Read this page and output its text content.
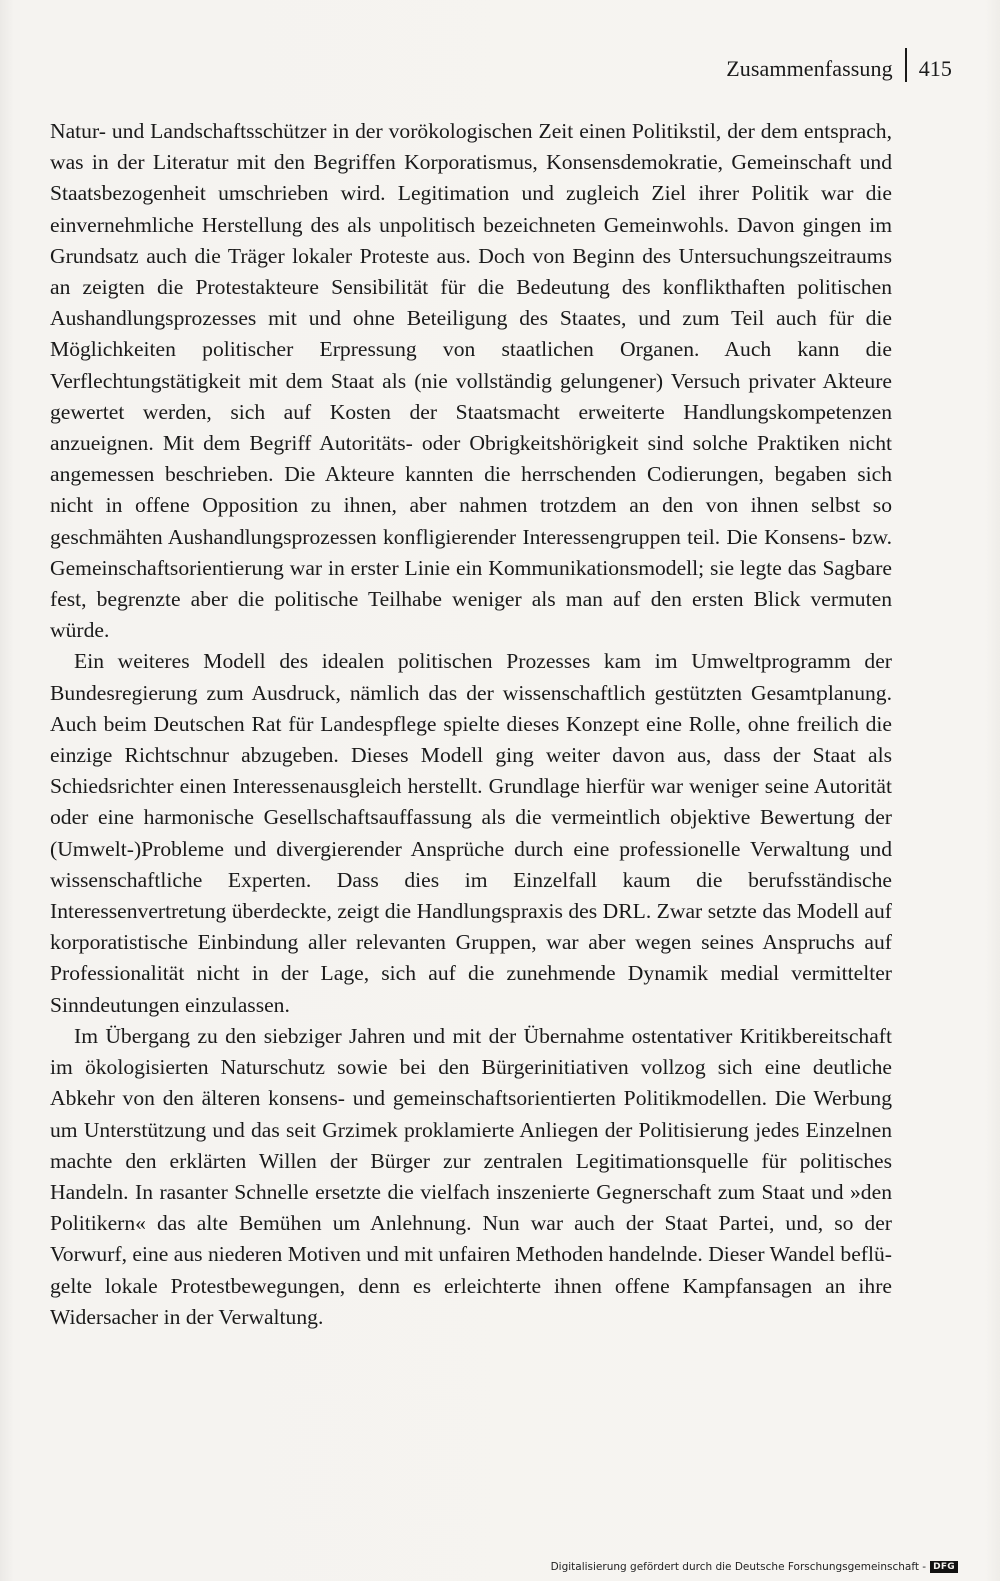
Zusammenfassung	415

Natur- und Landschaftsschützer in der vorökologischen Zeit einen Politikstil, der dem entsprach, was in der Literatur mit den Begriffen Korporatismus, Konsensdemokratie, Gemeinschaft und Staatsbezogenheit umschrieben wird. Legitimation und zugleich Ziel ihrer Politik war die einvernehmliche Herstellung des als unpolitisch bezeichneten Gemeinwohls. Davon gingen im Grundsatz auch die Träger lokaler Proteste aus. Doch von Beginn des Untersuchungszeitraums an zeigten die Protestakteure Sensibilität für die Bedeutung des konflikthaften politischen Aushandlungsprozesses mit und ohne Beteiligung des Staates, und zum Teil auch für die Möglichkeiten politischer Erpressung von staatlichen Organen. Auch kann die Verflechtungstätigkeit mit dem Staat als (nie vollständig gelungener) Versuch privater Akteure gewertet werden, sich auf Kosten der Staatsmacht erweiterte Handlungskompetenzen anzueignen. Mit dem Begriff Autoritäts- oder Obrigkeitshörigkeit sind solche Praktiken nicht angemessen beschrieben. Die Akteure kannten die herrschenden Codierungen, begaben sich nicht in offene Opposition zu ihnen, aber nahmen trotzdem an den von ihnen selbst so geschmähten Aushandlungsprozessen konfligierender Interessengruppen teil. Die Konsens- bzw. Gemeinschaftsorientierung war in erster Linie ein Kommunikationsmodell; sie legte das Sagbare fest, begrenzte aber die politische Teilhabe weniger als man auf den ersten Blick vermuten würde.

Ein weiteres Modell des idealen politischen Prozesses kam im Umweltprogramm der Bundesregierung zum Ausdruck, nämlich das der wissenschaftlich gestützten Gesamtplanung. Auch beim Deutschen Rat für Landespflege spielte dieses Konzept eine Rolle, ohne freilich die einzige Richtschnur abzugeben. Dieses Modell ging weiter davon aus, dass der Staat als Schiedsrichter einen Interessenausgleich herstellt. Grundlage hierfür war weniger seine Autorität oder eine harmonische Gesellschaftsauffassung als die vermeintlich objektive Bewertung der (Umwelt-)Probleme und divergierender Ansprüche durch eine professionelle Verwaltung und wissenschaftliche Experten. Dass dies im Einzelfall kaum die berufsständische Interessenvertretung überdeckte, zeigt die Handlungspraxis des DRL. Zwar setzte das Modell auf korporatistische Einbindung aller relevanten Gruppen, war aber wegen seines Anspruchs auf Professionalität nicht in der Lage, sich auf die zunehmende Dynamik medial vermittelter Sinndeutungen einzulassen.

Im Übergang zu den siebziger Jahren und mit der Übernahme ostentativer Kritikbereitschaft im ökologisierten Naturschutz sowie bei den Bürgerinitiativen vollzog sich eine deutliche Abkehr von den älteren konsens- und gemeinschaftsorientierten Politikmodellen. Die Werbung um Unterstützung und das seit Grzimek proklamierte Anliegen der Politisierung jedes Einzelnen machte den erklärten Willen der Bürger zur zentralen Legitimationsquelle für politisches Handeln. In rasanter Schnelle ersetzte die vielfach inszenierte Gegnerschaft zum Staat und »den Politikern« das alte Bemühen um Anlehnung. Nun war auch der Staat Partei, und, so der Vorwurf, eine aus niederen Motiven und mit unfairen Methoden handelnde. Dieser Wandel beflügelte lokale Protestbewegungen, denn es erleichterte ihnen offene Kampfansagen an ihre Widersacher in der Verwaltung.

Digitalisierung gefördert durch die Deutsche Forschungsgemeinschaft - DFG
